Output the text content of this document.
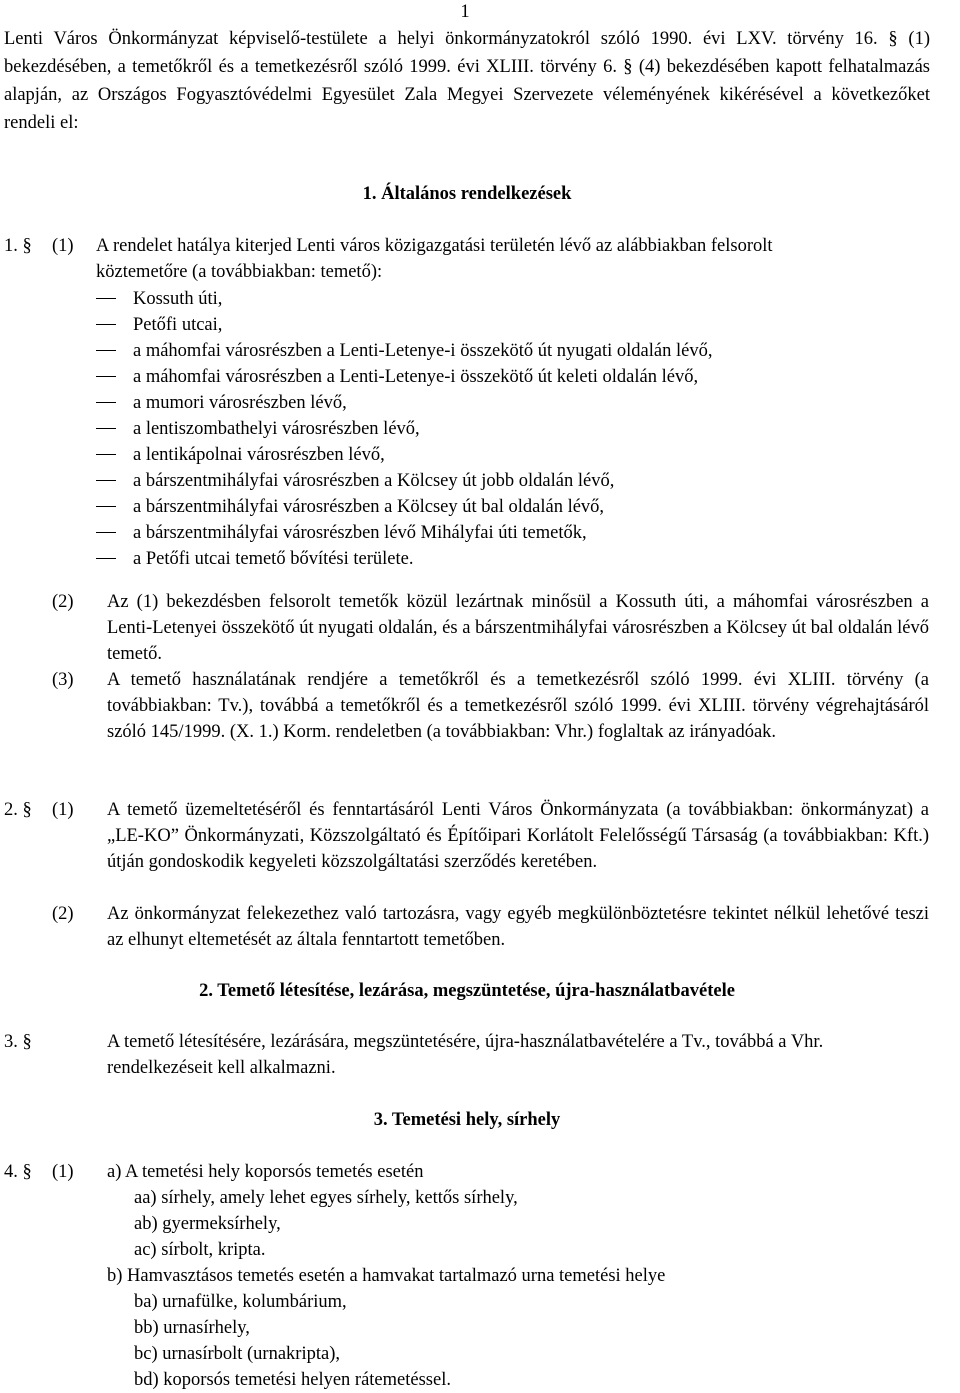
1
Lenti Város Önkormányzat képviselő-testülete a helyi önkormányzatokról szóló 1990. évi LXV. törvény 16. § (1) bekezdésében, a temetőkről és a temetkezésről szóló 1999. évi XLIII. törvény 6. § (4) bekezdésében kapott felhatalmazás alapján, az Országos Fogyasztóvédelmi Egyesület Zala Megyei Szervezete véleményének kikérésével a következőket rendeli el:
1. Általános rendelkezések
1. § (1) A rendelet hatálya kiterjed Lenti város közigazgatási területén lévő az alábbiakban felsorolt
köztemetőre (a továbbiakban: temető):
Kossuth úti,
Petőfi utcai,
a máhomfai városrészben a Lenti-Letenye-i összekötő út nyugati oldalán lévő,
a máhomfai városrészben a Lenti-Letenye-i összekötő út keleti oldalán lévő,
a mumori városrészben lévő,
a lentiszombathelyi városrészben lévő,
a lentikápolnai városrészben lévő,
a bárszentmihályfai városrészben a Kölcsey út jobb oldalán lévő,
a bárszentmihályfai városrészben a Kölcsey út bal oldalán lévő,
a bárszentmihályfai városrészben lévő Mihályfai úti temetők,
a Petőfi utcai temető bővítési területe.
(2) Az (1) bekezdésben felsorolt temetők közül lezártnak minősül a Kossuth úti, a máhomfai városrészben a Lenti-Letenyei összekötő út nyugati oldalán, és a bárszentmihályfai városrészben a Kölcsey út bal oldalán lévő temető.
(3) A temető használatának rendjére a temetőkről és a temetkezésről szóló 1999. évi XLIII. törvény (a továbbiakban: Tv.), továbbá a temetőkről és a temetkezésről szóló 1999. évi XLIII. törvény végrehajtásáról szóló 145/1999. (X. 1.) Korm. rendeletben (a továbbiakban: Vhr.) foglaltak az irányadóak.
2. § (1) A temető üzemeltetéséről és fenntartásáról Lenti Város Önkormányzata (a továbbiakban: önkormányzat) a „LE-KO” Önkormányzati, Közszolgáltató és Építőipari Korlátolt Felelősségű Társaság (a továbbiakban: Kft.) útján gondoskodik kegyeleti közszolgáltatási szerződés keretében.
(2) Az önkormányzat felekezethez való tartozásra, vagy egyéb megkülönböztetésre tekintet nélkül lehetővé teszi az elhunyt eltemetését az általa fenntartott temetőben.
2. Temető létesítése, lezárása, megszüntetése, újra-használatbavétele
3. §	A temető létesítésére, lezárására, megszüntetésére, újra-használatbavételére a Tv., továbbá a Vhr. rendelkezéseit kell alkalmazni.
3. Temetési hely, sírhely
4. § (1) a) A temetési hely koporsós temetés esetén
aa) sírhely, amely lehet egyes sírhely, kettős sírhely,
ab) gyermeksírhely,
ac) sírbolt, kripta.
b) Hamvasztásos temetés esetén a hamvakat tartalmazó urna temetési helye
ba) urnafülke, kolumbárium,
bb) urnasírhely,
bc) urnasírbolt (urnakripta),
bd) koporsós temetési helyen rátemetéssel.
